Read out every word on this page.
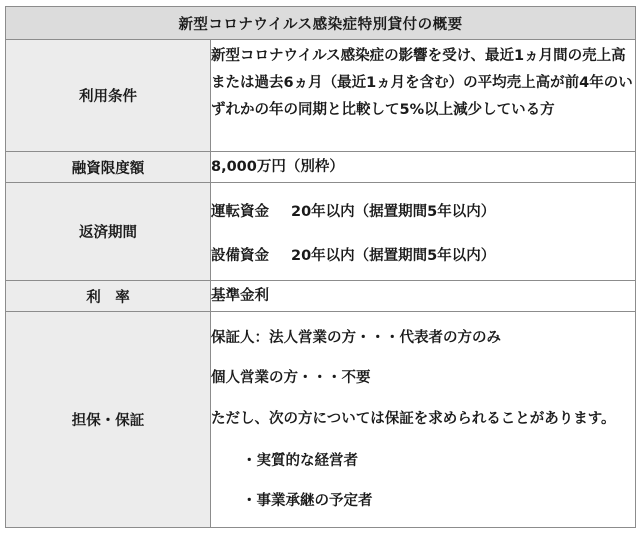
新型コロナウイルス感染症特別貸付の概要	
利用条件	新型コロナウイルス感染症の影響を受け、最近1ヵ月間の売上高または過去6ヵ月（最近1ヵ月を含む）の平均売上高が前4年のいずれかの年の同期と比較して5%以上減少している方

融資限度額	8,000万円（別枠）

返済期間	運転資金 20年以内（据置期間5年以内）
設備資金 20年以内（据置期間5年以内）

利　率	基準金利

担保・保証	保証人：法人営業の方・・・代表者の方のみ
個人営業の方・・・不要
ただし、次の方については保証を求められることがあります。
・実質的な経営者
・事業承継の予定者
